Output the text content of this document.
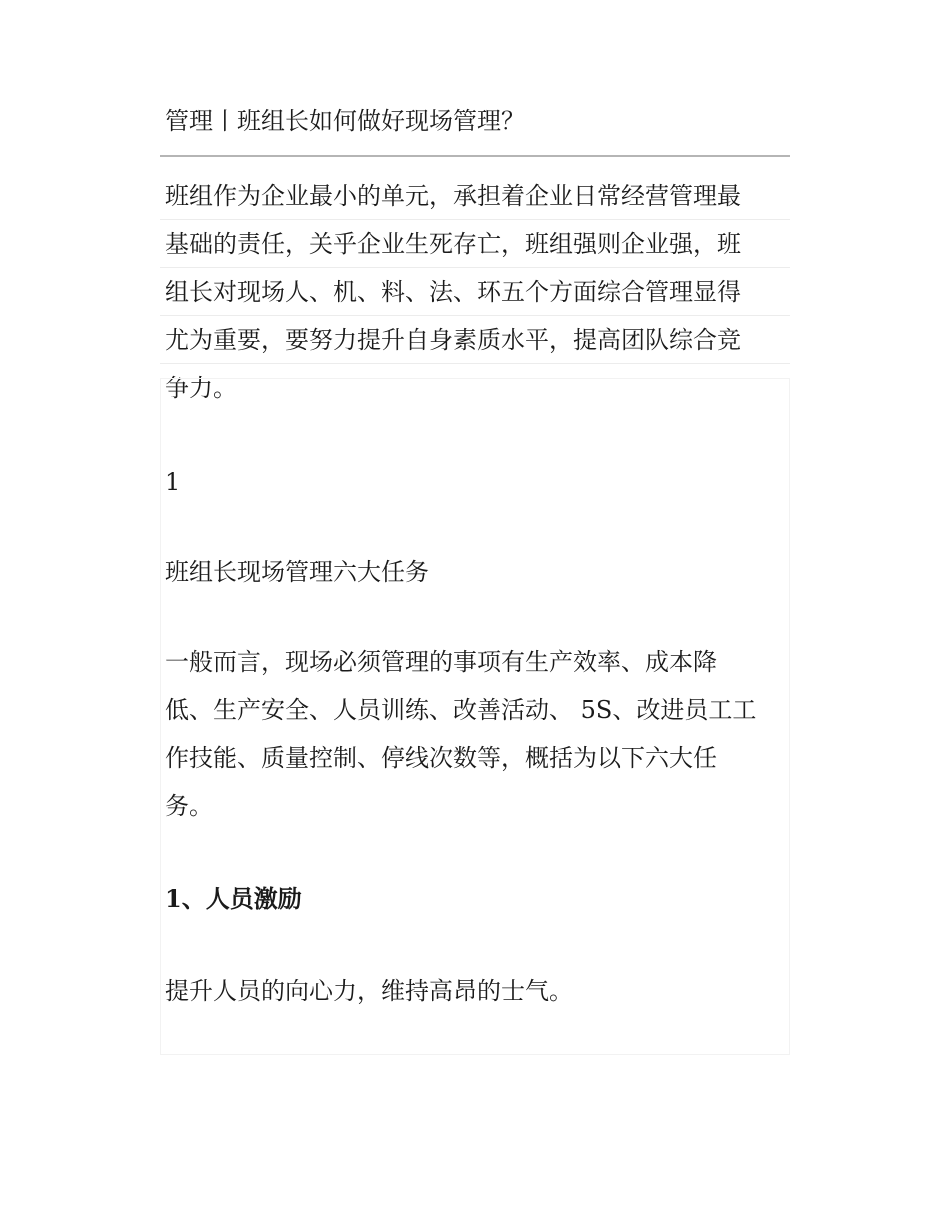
管理丨班组长如何做好现场管理？
班组作为企业最小的单元，承担着企业日常经营管理最
基础的责任，关乎企业生死存亡，班组强则企业强，班
组长对现场人、机、料、法、环五个方面综合管理显得
尤为重要，要努力提升自身素质水平，提高团队综合竞
争力。

1

班组长现场管理六大任务

一般而言，现场必须管理的事项有生产效率、成本降
低、生产安全、人员训练、改善活动、 5S、改进员工工
作技能、质量控制、停线次数等，概括为以下六大任
务。

1、人员激励

提升人员的向心力，维持高昂的士气。
